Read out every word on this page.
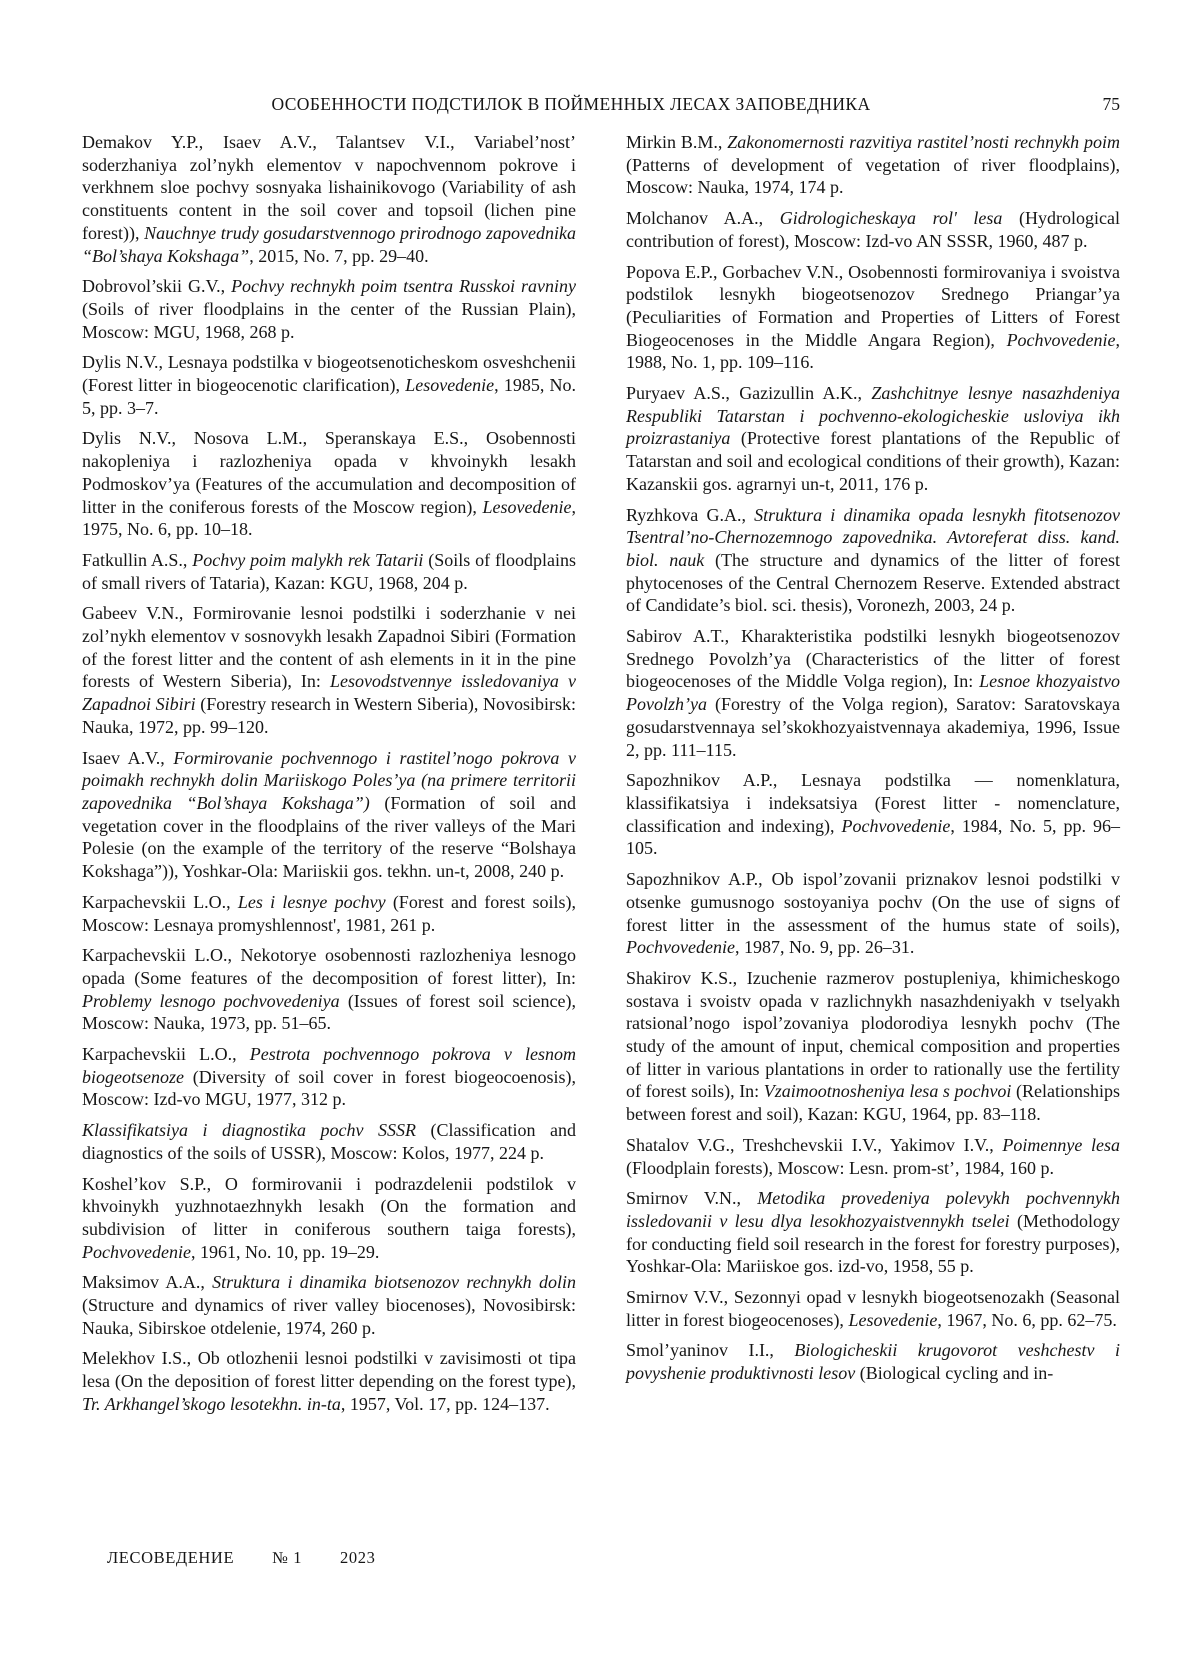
ОСОБЕННОСТИ ПОДСТИЛОК В ПОЙМЕННЫХ ЛЕСАХ ЗАПОВЕДНИКА	75

Demakov Y.P., Isaev A.V., Talantsev V.I., Variabel’nost’ soderzhaniya zol’nykh elementov v napochvennom pokrove i verkhnem sloe pochvy sosnyaka lishainikovogo (Variability of ash constituents content in the soil cover and topsoil (lichen pine forest)), Nauchnye trudy gosudarstvennogo prirodnogo zapovednika “Bol’shaya Kokshaga”, 2015, No. 7, pp. 29–40.

Dobrovol’skii G.V., Pochvy rechnykh poim tsentra Russkoi ravniny (Soils of river floodplains in the center of the Russian Plain), Moscow: MGU, 1968, 268 p.

Dylis N.V., Lesnaya podstilka v biogeotsenoticheskom osveshchenii (Forest litter in biogeocenotic clarification), Lesovedenie, 1985, No. 5, pp. 3–7.

Dylis N.V., Nosova L.M., Speranskaya E.S., Osobennosti nakopleniya i razlozheniya opada v khvoinykh lesakh Podmoskov’ya (Features of the accumulation and decomposition of litter in the coniferous forests of the Moscow region), Lesovedenie, 1975, No. 6, pp. 10–18.

Fatkullin A.S., Pochvy poim malykh rek Tatarii (Soils of floodplains of small rivers of Tataria), Kazan: KGU, 1968, 204 p.

Gabeev V.N., Formirovanie lesnoi podstilki i soderzhanie v nei zol’nykh elementov v sosnovykh lesakh Zapadnoi Sibiri (Formation of the forest litter and the content of ash elements in it in the pine forests of Western Siberia), In: Lesovodstvennye issledovaniya v Zapadnoi Sibiri (Forestry research in Western Siberia), Novosibirsk: Nauka, 1972, pp. 99–120.

Isaev A.V., Formirovanie pochvennogo i rastitel’nogo pokrova v poimakh rechnykh dolin Mariiskogo Poles’ya (na primere territorii zapovednika “Bol’shaya Kokshaga”) (Formation of soil and vegetation cover in the floodplains of the river valleys of the Mari Polesie (on the example of the territory of the reserve “Bolshaya Kokshaga”)), Yoshkar-Ola: Mariiskii gos. tekhn. un-t, 2008, 240 p.

Karpachevskii L.O., Les i lesnye pochvy (Forest and forest soils), Moscow: Lesnaya promyshlennost', 1981, 261 p.

Karpachevskii L.O., Nekotorye osobennosti razlozheniya lesnogo opada (Some features of the decomposition of forest litter), In: Problemy lesnogo pochvovedeniya (Issues of forest soil science), Moscow: Nauka, 1973, pp. 51–65.

Karpachevskii L.O., Pestrota pochvennogo pokrova v lesnom biogeotsenoze (Diversity of soil cover in forest biogeocoenosis), Moscow: Izd-vo MGU, 1977, 312 p.

Klassifikatsiya i diagnostika pochv SSSR (Classification and diagnostics of the soils of USSR), Moscow: Kolos, 1977, 224 p.

Koshel’kov S.P., O formirovanii i podrazdelenii podstilok v khvoinykh yuzhnotaezhnykh lesakh (On the formation and subdivision of litter in coniferous southern taiga forests), Pochvovedenie, 1961, No. 10, pp. 19–29.

Maksimov A.A., Struktura i dinamika biotsenozov rechnykh dolin (Structure and dynamics of river valley biocenoses), Novosibirsk: Nauka, Sibirskoe otdelenie, 1974, 260 p.

Melekhov I.S., Ob otlozhenii lesnoi podstilki v zavisimosti ot tipa lesa (On the deposition of forest litter depending on the forest type), Tr. Arkhangel’skogo lesotekhn. in-ta, 1957, Vol. 17, pp. 124–137.

Mirkin B.M., Zakonomernosti razvitiya rastitel’nosti rechnykh poim (Patterns of development of vegetation of river floodplains), Moscow: Nauka, 1974, 174 p.

Molchanov A.A., Gidrologicheskaya rol' lesa (Hydrological contribution of forest), Moscow: Izd-vo AN SSSR, 1960, 487 p.

Popova E.P., Gorbachev V.N., Osobennosti formirovaniya i svoistva podstilok lesnykh biogeotsenozov Srednego Priangar’ya (Peculiarities of Formation and Properties of Litters of Forest Biogeocenoses in the Middle Angara Region), Pochvovedenie, 1988, No. 1, pp. 109–116.

Puryaev A.S., Gazizullin A.K., Zashchitnye lesnye nasazhdeniya Respubliki Tatarstan i pochvenno-ekologicheskie usloviya ikh proizrastaniya (Protective forest plantations of the Republic of Tatarstan and soil and ecological conditions of their growth), Kazan: Kazanskii gos. agrarnyi un-t, 2011, 176 p.

Ryzhkova G.A., Struktura i dinamika opada lesnykh fitotsenozov Tsentral’no-Chernozemnogo zapovednika. Avtoreferat diss. kand. biol. nauk (The structure and dynamics of the litter of forest phytocenoses of the Central Chernozem Reserve. Extended abstract of Candidate’s biol. sci. thesis), Voronezh, 2003, 24 p.

Sabirov A.T., Kharakteristika podstilki lesnykh biogeotsenozov Srednego Povolzh’ya (Characteristics of the litter of forest biogeocenoses of the Middle Volga region), In: Lesnoe khozyaistvo Povolzh’ya (Forestry of the Volga region), Saratov: Saratovskaya gosudarstvennaya sel’skokhozyaistvennaya akademiya, 1996, Issue 2, pp. 111–115.

Sapozhnikov A.P., Lesnaya podstilka — nomenklatura, klassifikatsiya i indeksatsiya (Forest litter - nomenclature, classification and indexing), Pochvovedenie, 1984, No. 5, pp. 96–105.

Sapozhnikov A.P., Ob ispol’zovanii priznakov lesnoi podstilki v otsenke gumusnogo sostoyaniya pochv (On the use of signs of forest litter in the assessment of the humus state of soils), Pochvovedenie, 1987, No. 9, pp. 26–31.

Shakirov K.S., Izuchenie razmerov postupleniya, khimicheskogo sostava i svoistv opada v razlichnykh nasazhdeniyakh v tselyakh ratsional’nogo ispol’zovaniya plodorodiya lesnykh pochv (The study of the amount of input, chemical composition and properties of litter in various plantations in order to rationally use the fertility of forest soils), In: Vzaimootnosheniya lesa s pochvoi (Relationships between forest and soil), Kazan: KGU, 1964, pp. 83–118.

Shatalov V.G., Treshchevskii I.V., Yakimov I.V., Poimennye lesa (Floodplain forests), Moscow: Lesn. prom-st’, 1984, 160 p.

Smirnov V.N., Metodika provedeniya polevykh pochvennykh issledovanii v lesu dlya lesokhozyaistvennykh tselei (Methodology for conducting field soil research in the forest for forestry purposes), Yoshkar-Ola: Mariiskoe gos. izd-vo, 1958, 55 p.

Smirnov V.V., Sezonnyi opad v lesnykh biogeotsenozakh (Seasonal litter in forest biogeocenoses), Lesovedenie, 1967, No. 6, pp. 62–75.

Smol’yaninov I.I., Biologicheskii krugovorot veshchestv i povyshenie produktivnosti lesov (Biological cycling and in-

ЛЕСОВЕДЕНИЕ № 1 2023
